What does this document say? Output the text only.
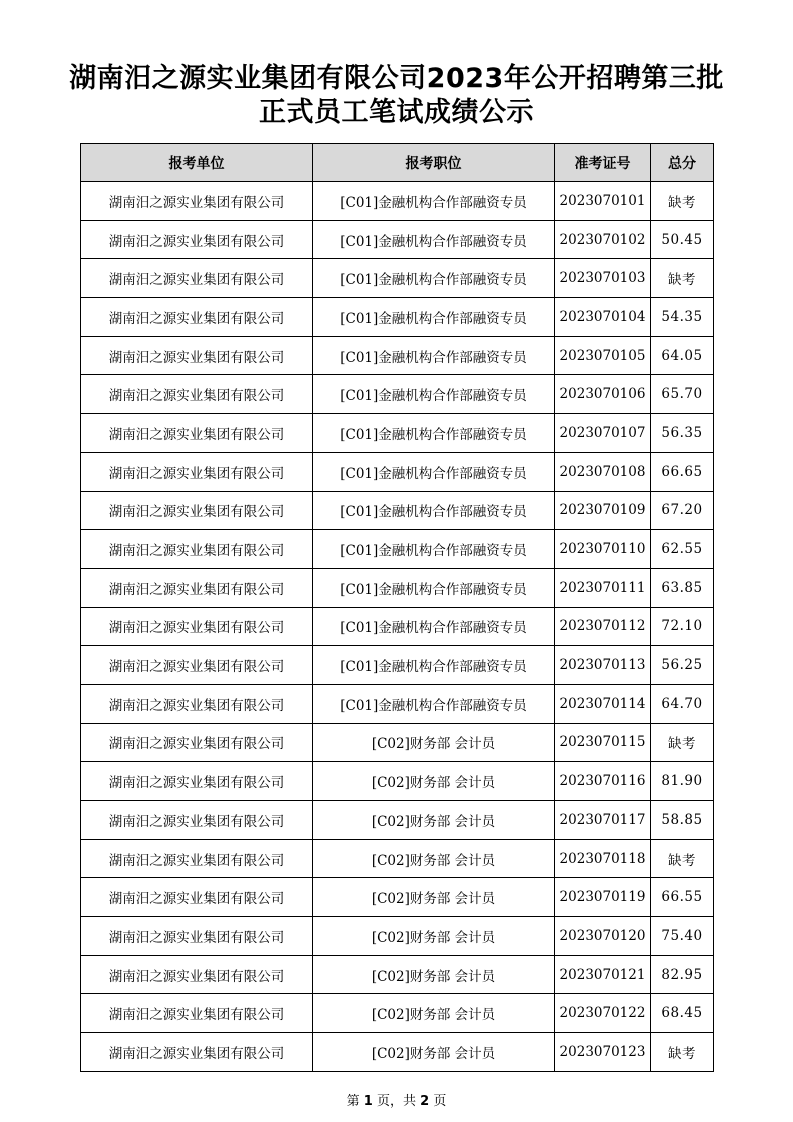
湖南汨之源实业集团有限公司2023年公开招聘第三批
正式员工笔试成绩公示
报考单位	报考职位	准考证号	总分
湖南汨之源实业集团有限公司	[C01]金融机构合作部融资专员	2023070101	缺考
湖南汨之源实业集团有限公司	[C01]金融机构合作部融资专员	2023070102	50.45
湖南汨之源实业集团有限公司	[C01]金融机构合作部融资专员	2023070103	缺考
湖南汨之源实业集团有限公司	[C01]金融机构合作部融资专员	2023070104	54.35
湖南汨之源实业集团有限公司	[C01]金融机构合作部融资专员	2023070105	64.05
湖南汨之源实业集团有限公司	[C01]金融机构合作部融资专员	2023070106	65.70
湖南汨之源实业集团有限公司	[C01]金融机构合作部融资专员	2023070107	56.35
湖南汨之源实业集团有限公司	[C01]金融机构合作部融资专员	2023070108	66.65
湖南汨之源实业集团有限公司	[C01]金融机构合作部融资专员	2023070109	67.20
湖南汨之源实业集团有限公司	[C01]金融机构合作部融资专员	2023070110	62.55
湖南汨之源实业集团有限公司	[C01]金融机构合作部融资专员	2023070111	63.85
湖南汨之源实业集团有限公司	[C01]金融机构合作部融资专员	2023070112	72.10
湖南汨之源实业集团有限公司	[C01]金融机构合作部融资专员	2023070113	56.25
湖南汨之源实业集团有限公司	[C01]金融机构合作部融资专员	2023070114	64.70
湖南汨之源实业集团有限公司	[C02]财务部 会计员	2023070115	缺考
湖南汨之源实业集团有限公司	[C02]财务部 会计员	2023070116	81.90
湖南汨之源实业集团有限公司	[C02]财务部 会计员	2023070117	58.85
湖南汨之源实业集团有限公司	[C02]财务部 会计员	2023070118	缺考
湖南汨之源实业集团有限公司	[C02]财务部 会计员	2023070119	66.55
湖南汨之源实业集团有限公司	[C02]财务部 会计员	2023070120	75.40
湖南汨之源实业集团有限公司	[C02]财务部 会计员	2023070121	82.95
湖南汨之源实业集团有限公司	[C02]财务部 会计员	2023070122	68.45
湖南汨之源实业集团有限公司	[C02]财务部 会计员	2023070123	缺考
第 1 页，共 2 页
